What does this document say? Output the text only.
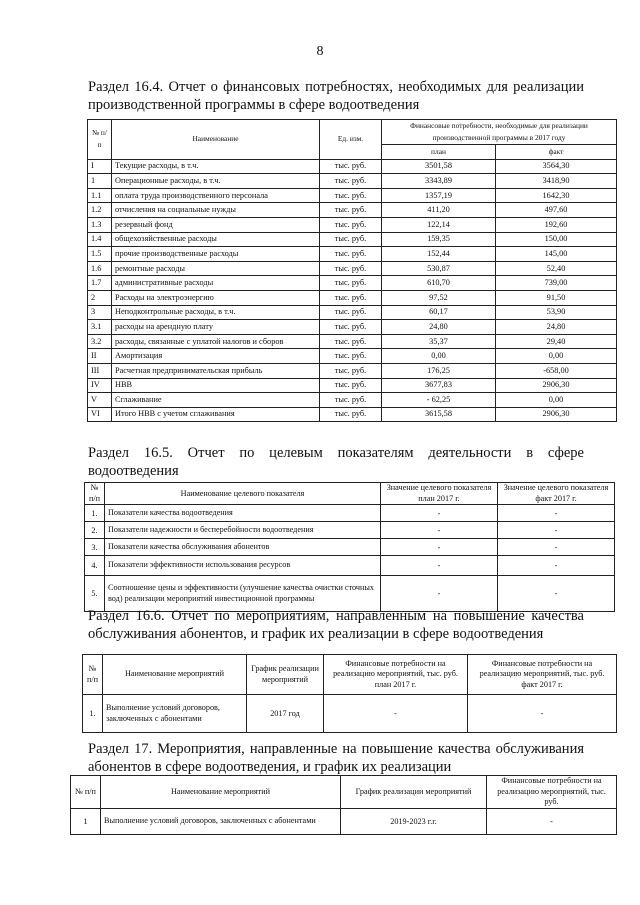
8
Раздел 16.4. Отчет о финансовых потребностях, необходимых для реализации производственной программы в сфере водоотведения
№ п/п	Наименование	Ед. изм.	Финансовые потребности, необходимые для реализации производственной программы в 2017 году	
			план	факт
I	Текущие расходы, в т.ч.	тыс. руб.	3501,58	3564,30
1	Операционные расходы, в т.ч.	тыс. руб.	3343,89	3418,90
1.1	оплата труда производственного персонала	тыс. руб.	1357,19	1642,30
1.2	отчисления на социальные нужды	тыс. руб.	411,20	497,60
1.3	резервный фонд	тыс. руб.	122,14	192,60
1.4	общехозяйственные расходы	тыс. руб.	159,35	150,00
1.5	прочие производственные расходы	тыс. руб.	152,44	145,00
1.6	ремонтные расходы	тыс. руб.	530,87	52,40
1.7	административные расходы	тыс. руб.	610,70	739,00
2	Расходы на электроэнергию	тыс. руб.	97,52	91,50
3	Неподконтрольные расходы, в т.ч.	тыс. руб.	60,17	53,90
3.1	расходы на арендную плату	тыс. руб.	24,80	24,80
3.2	расходы, связанные с уплатой налогов и сборов	тыс. руб.	35,37	29,40
II	Амортизация	тыс. руб.	0,00	0,00
III	Расчетная предпринимательская прибыль	тыс. руб.	176,25	-658,00
IV	НВВ	тыс. руб.	3677,83	2906,30
V	Сглаживание	тыс. руб.	- 62,25	0,00
VI	Итого НВВ с учетом сглаживания	тыс. руб.	3615,58	2906,30
Раздел 16.5. Отчет по целевым показателям деятельности в сфере водоотведения
№ п/п	Наименование целевого показателя	Значение целевого показателя план 2017 г.	Значение целевого показателя факт 2017 г.
1.	Показатели качества водоотведения	-	-
2.	Показатели надежности и бесперебойности водоотведения	-	-
3.	Показатели качества обслуживания абонентов	-	-
4.	Показатели эффективности использования ресурсов	-	-
5.	Соотношение цены и эффективности (улучшение качества очистки сточных вод) реализации мероприятий инвестиционной программы	-	-
Раздел 16.6. Отчет по мероприятиям, направленным на повышение качества обслуживания абонентов, и график их реализации в сфере водоотведения
№ п/п	Наименование мероприятий	График реализации мероприятий	Финансовые потребности на реализацию мероприятий, тыс. руб. план 2017 г.	Финансовые потребности на реализацию мероприятий, тыс. руб. факт 2017 г.
1.	Выполнение условий договоров, заключенных с абонентами	2017 год	-	-
Раздел 17. Мероприятия, направленные на повышение качества обслуживания абонентов в сфере водоотведения, и график их реализации
№ п/п	Наименование мероприятий	График реализации мероприятий	Финансовые потребности на реализацию мероприятий, тыс. руб.
1	Выполнение условий договоров, заключенных с абонентами	2019-2023 г.г.	-
